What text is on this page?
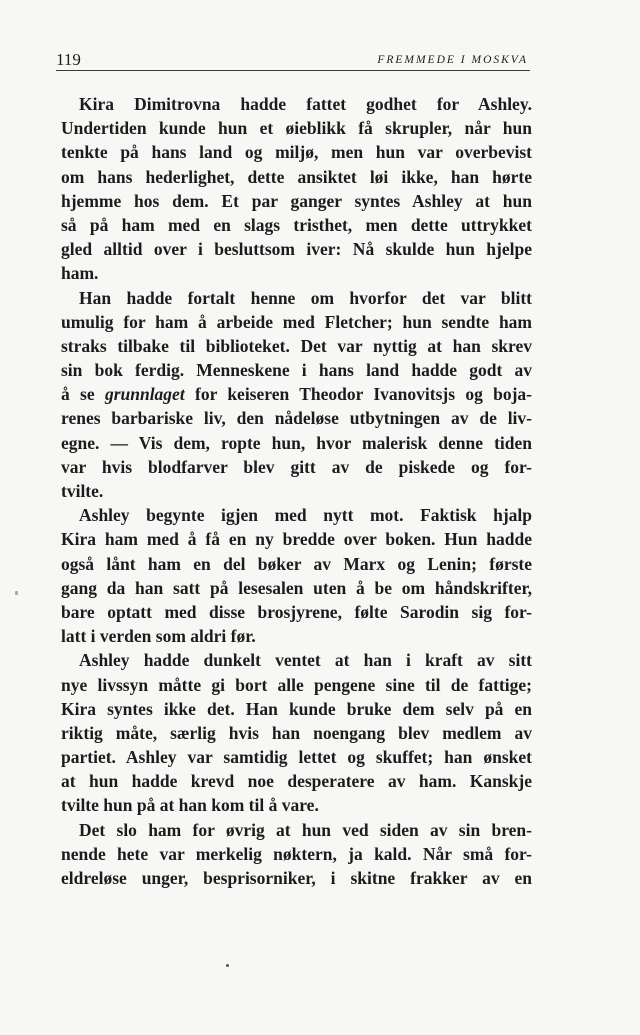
119	FREMMEDE I MOSKVA
Kira Dimitrovna hadde fattet godhet for Ashley.
Undertiden kunde hun et øieblikk få skrupler, når hun
tenkte på hans land og miljø, men hun var overbevist
om hans hederlighet, dette ansiktet løi ikke, han hørte
hjemme hos dem. Et par ganger syntes Ashley at hun
så på ham med en slags tristhet, men dette uttrykket
gled alltid over i besluttsom iver: Nå skulde hun hjelpe
ham.
Han hadde fortalt henne om hvorfor det var blitt
umulig for ham å arbeide med Fletcher; hun sendte ham
straks tilbake til biblioteket. Det var nyttig at han skrev
sin bok ferdig. Menneskene i hans land hadde godt av
å se grunnlaget for keiseren Theodor Ivanovitsjs og boja-
renes barbariske liv, den nådeløse utbytningen av de liv-
egne. — Vis dem, ropte hun, hvor malerisk denne tiden
var hvis blodfarver blev gitt av de piskede og for-
tvilte.
Ashley begynte igjen med nytt mot. Faktisk hjalp
Kira ham med å få en ny bredde over boken. Hun hadde
også lånt ham en del bøker av Marx og Lenin; første
gang da han satt på lesesalen uten å be om håndskrifter,
bare optatt med disse brosjyrene, følte Sarodin sig for-
latt i verden som aldri før.
Ashley hadde dunkelt ventet at han i kraft av sitt
nye livssyn måtte gi bort alle pengene sine til de fattige;
Kira syntes ikke det. Han kunde bruke dem selv på en
riktig måte, særlig hvis han noengang blev medlem av
partiet. Ashley var samtidig lettet og skuffet; han ønsket
at hun hadde krevd noe desperatere av ham. Kanskje
tvilte hun på at han kom til å vare.
Det slo ham for øvrig at hun ved siden av sin bren-
nende hete var merkelig nøktern, ja kald. Når små for-
eldreløse unger, besprisorniker, i skitne frakker av en
